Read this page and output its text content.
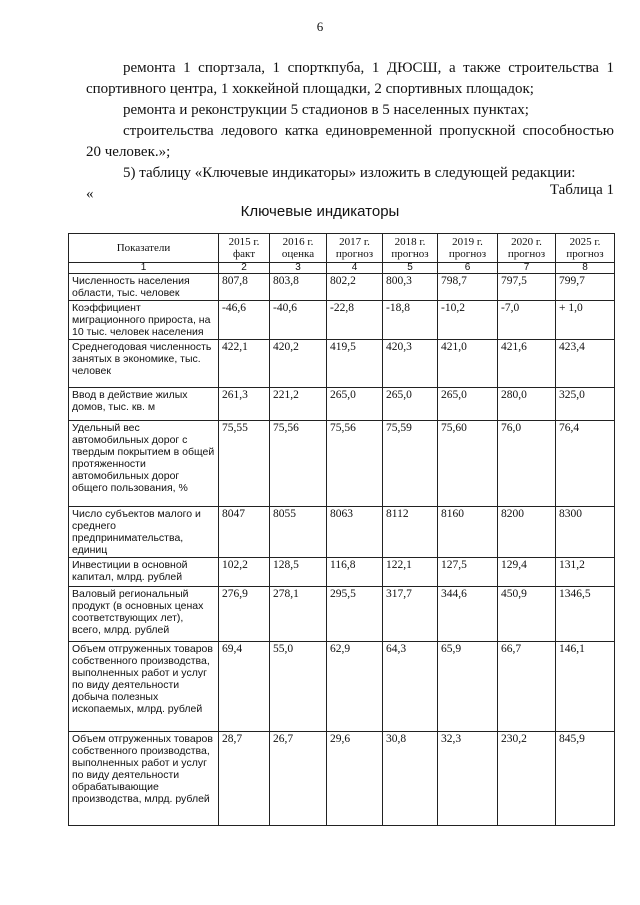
6

ремонта 1 спортзала, 1 спорткпуба, 1 ДЮСШ, а также строительства 1 спортивного центра, 1 хоккейной площадки, 2 спортивных площадок;

ремонта и реконструкции 5 стадионов в 5 населенных пунктах;

строительства ледового катка единовременной пропускной способностью 20 человек.»;

5) таблицу «Ключевые индикаторы» изложить в следующей редакции:

«	Таблица 1
Ключевые индикаторы
Показатели	2015 г. факт	2016 г. оценка	2017 г. прогноз	2018 г. прогноз	2019 г. прогноз	2020 г. прогноз	2025 г. прогноз
1	2	3	4	5	6	7	8
Численность населения области, тыс. человек	807,8	803,8	802,2	800,3	798,7	797,5	799,7
Коэффициент миграционного прироста, на 10 тыс. человек населения	-46,6	-40,6	-22,8	-18,8	-10,2	-7,0	+ 1,0
Среднегодовая численность занятых в экономике, тыс. человек	422,1	420,2	419,5	420,3	421,0	421,6	423,4
Ввод в действие жилых домов, тыс. кв. м	261,3	221,2	265,0	265,0	265,0	280,0	325,0
Удельный вес автомобильных дорог с твердым покрытием в общей протяженности автомобильных дорог общего пользования, %	75,55	75,56	75,56	75,59	75,60	76,0	76,4
Число субъектов малого и среднего предпринимательства, единиц	8047	8055	8063	8112	8160	8200	8300
Инвестиции в основной капитал, млрд. рублей	102,2	128,5	116,8	122,1	127,5	129,4	131,2
Валовый региональный продукт (в основных ценах соответствующих лет), всего, млрд. рублей	276,9	278,1	295,5	317,7	344,6	450,9	1346,5
Объем отгруженных товаров собственного производства, выполненных работ и услуг по виду деятельности добыча полезных ископаемых, млрд. рублей	69,4	55,0	62,9	64,3	65,9	66,7	146,1
Объем отгруженных товаров собственного производства, выполненных работ и услуг по виду деятельности обрабатывающие производства, млрд. рублей	28,7	26,7	29,6	30,8	32,3	230,2	845,9
